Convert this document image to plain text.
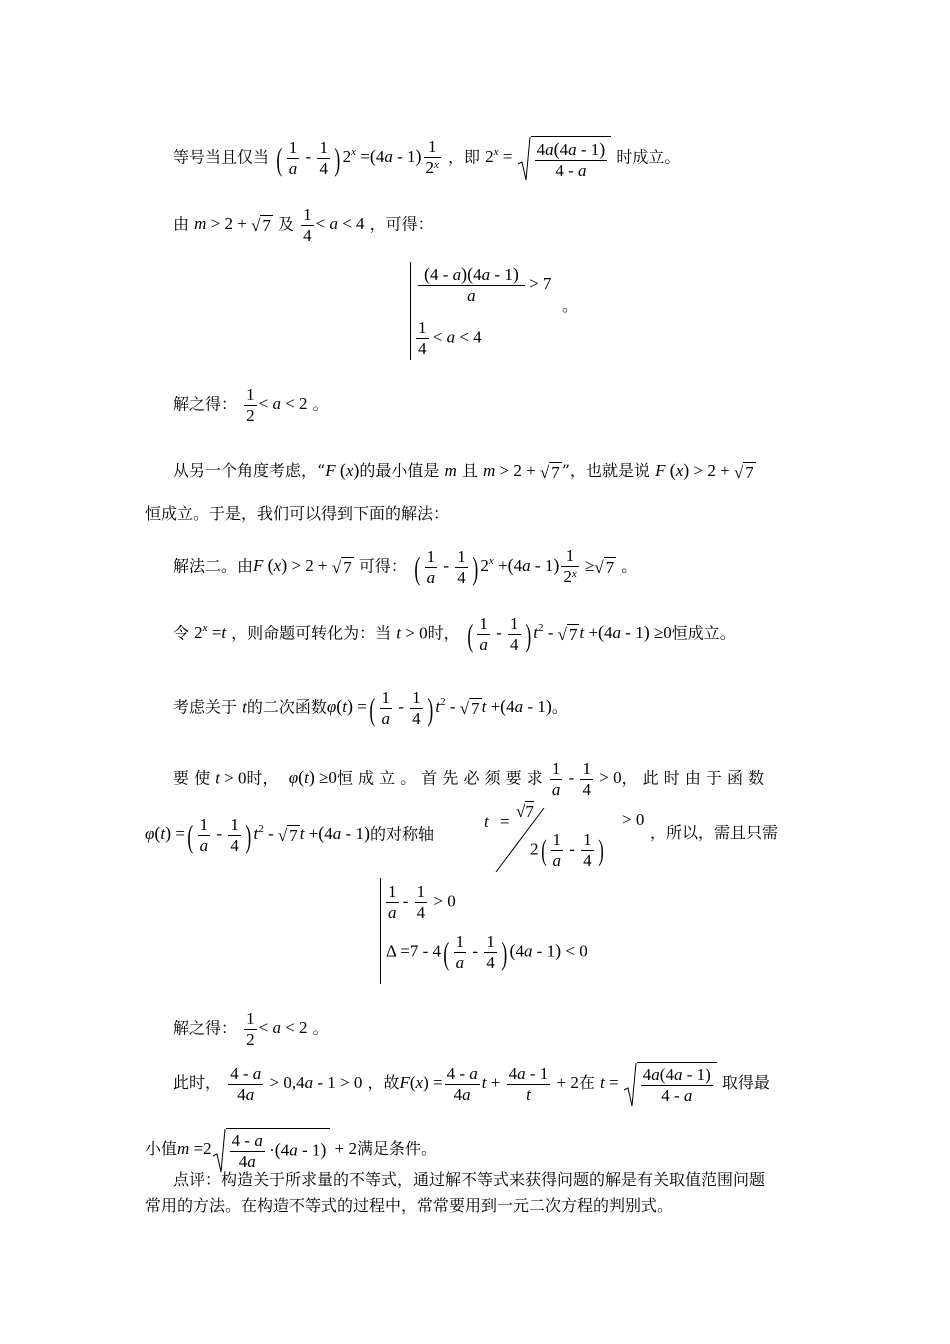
等号当且仅当 ( $\frac{1}{a} - \frac{1}{4}$ ) $2^x =(4a - 1) \frac{1}{2^x}$ ，即 $2^x = \frac{4a(4a - 1)}{4 - a}$ 时成立。
由 m > 2 + √ 7 及 $\frac{1}{4} < a < 4$ ，可得：
$\frac{(4 - a)(4a - 1)}{a} > 7$
。
$\frac{1}{4} < a < 4$
解之得： $\frac{1}{2} < a < 2$ 。
从另一个角度考虑，“F (x)的最小值是 m 且 m > 2 + √ 7 ”，也就是说 F (x) > 2 + √ 7
恒成立。于是，我们可以得到下面的解法：
解法二。由F (x) > 2 + √ 7 可得： ( $\frac{1}{a} - \frac{1}{4}$ ) $2^x +(4a - 1) \frac{1}{2^x}$ ≥√ 7 。
令 $2^x =t$ ，则命题可转化为：当 t > 0时， ( $\frac{1}{a} - \frac{1}{4}$ ) $t^2$ - √ 7 t +(4a - 1) ≥0恒成立。
考虑关于 t的二次函数φ(t) =( $\frac{1}{a} - \frac{1}{4}$ ) $t^2$ - √ 7 t +(4a - 1)。
要 使 t > 0时， φ(t) ≥0恒 成 立 。 首 先 必 须 要 求 $\frac{1}{a} - \frac{1}{4} > 0$， 此 时 由 于 函 数
φ(t) =( $\frac{1}{a} - \frac{1}{4}$ ) $t^2$ - √ 7 t +(4a - 1)的对称轴
t =
√7
$2( \frac{1}{a} - \frac{1}{4}$ )
> 0
，所以，需且只需
$\frac{1}{a} - \frac{1}{4} > 0$
$\Delta =7 - 4( \frac{1}{a} - \frac{1}{4}$ ) (4a - 1) < 0
解之得： $\frac{1}{2} < a < 2$ 。
此时， $\frac{4 - a}{4a} > 0,4a - 1 > 0$ ，故$F(x) = \frac{4 - a}{4a}$ $t + \frac{4a - 1}{t} + 2$在 $t = \frac{4a(4a - 1)}{4 - a}$ 取得最
小值$m =2 \frac{4 - a}{4a} \cdot(4a - 1) + 2$满足条件。
点评：构造关于所求量的不等式，通过解不等式来获得问题的解是有关取值范围问题
常用的方法。在构造不等式的过程中，常常要用到一元二次方程的判别式。
